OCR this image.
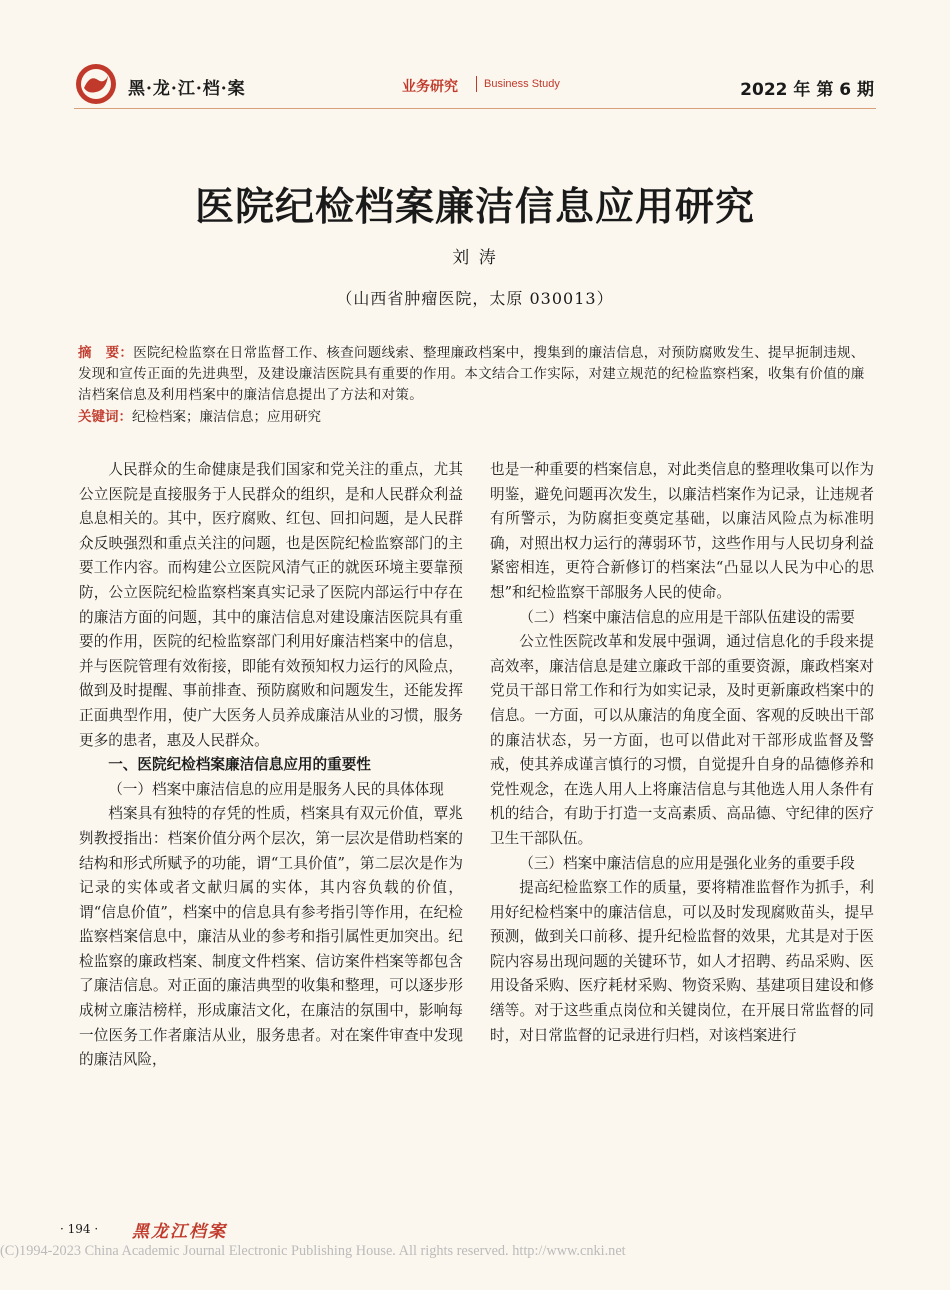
黑·龙·江·档·案	业务研究 Business Study	2022 年 第 6 期
医院纪检档案廉洁信息应用研究
刘 涛
（山西省肿瘤医院，太原 030013）
摘　要：医院纪检监察在日常监督工作、核查问题线索、整理廉政档案中，搜集到的廉洁信息，对预防腐败发生、提早扼制违规、发现和宣传正面的先进典型，及建设廉洁医院具有重要的作用。本文结合工作实际，对建立规范的纪检监察档案，收集有价值的廉洁档案信息及利用档案中的廉洁信息提出了方法和对策。
关键词：纪检档案；廉洁信息；应用研究

人民群众的生命健康是我们国家和党关注的重点，尤其公立医院是直接服务于人民群众的组织，是和人民群众利益息息相关的。其中，医疗腐败、红包、回扣问题，是人民群众反映强烈和重点关注的问题，也是医院纪检监察部门的主要工作内容。而构建公立医院风清气正的就医环境主要靠预防，公立医院纪检监察档案真实记录了医院内部运行中存在的廉洁方面的问题，其中的廉洁信息对建设廉洁医院具有重要的作用，医院的纪检监察部门利用好廉洁档案中的信息，并与医院管理有效衔接，即能有效预知权力运行的风险点，做到及时提醒、事前排查、预防腐败和问题发生，还能发挥正面典型作用，使广大医务人员养成廉洁从业的习惯，服务更多的患者，惠及人民群众。

一、医院纪检档案廉洁信息应用的重要性

（一）档案中廉洁信息的应用是服务人民的具体体现

档案具有独特的存凭的性质，档案具有双元价值，覃兆刿教授指出：档案价值分两个层次，第一层次是借助档案的结构和形式所赋予的功能，谓“工具价值”，第二层次是作为记录的实体或者文献归属的实体，其内容负载的价值，谓“信息价值”，档案中的信息具有参考指引等作用，在纪检监察档案信息中，廉洁从业的参考和指引属性更加突出。纪检监察的廉政档案、制度文件档案、信访案件档案等都包含了廉洁信息。对正面的廉洁典型的收集和整理，可以逐步形成树立廉洁榜样，形成廉洁文化，在廉洁的氛围中，影响每一位医务工作者廉洁从业，服务患者。对在案件审查中发现的廉洁风险，

也是一种重要的档案信息，对此类信息的整理收集可以作为明鉴，避免问题再次发生，以廉洁档案作为记录，让违规者有所警示，为防腐拒变奠定基础，以廉洁风险点为标准明确，对照出权力运行的薄弱环节，这些作用与人民切身利益紧密相连，更符合新修订的档案法“凸显以人民为中心的思想”和纪检监察干部服务人民的使命。

（二）档案中廉洁信息的应用是干部队伍建设的需要

公立性医院改革和发展中强调，通过信息化的手段来提高效率，廉洁信息是建立廉政干部的重要资源，廉政档案对党员干部日常工作和行为如实记录，及时更新廉政档案中的信息。一方面，可以从廉洁的角度全面、客观的反映出干部的廉洁状态，另一方面，也可以借此对干部形成监督及警戒，使其养成谨言慎行的习惯，自觉提升自身的品德修养和党性观念，在选人用人上将廉洁信息与其他选人用人条件有机的结合，有助于打造一支高素质、高品德、守纪律的医疗卫生干部队伍。

（三）档案中廉洁信息的应用是强化业务的重要手段

提高纪检监察工作的质量，要将精准监督作为抓手，利用好纪检档案中的廉洁信息，可以及时发现腐败苗头，提早预测，做到关口前移、提升纪检监督的效果，尤其是对于医院内容易出现问题的关键环节，如人才招聘、药品采购、医用设备采购、医疗耗材采购、物资采购、基建项目建设和修缮等。对于这些重点岗位和关键岗位，在开展日常监督的同时，对日常监督的记录进行归档，对该档案进行

· 194 · 黑龙江档案
(C)1994-2023 China Academic Journal Electronic Publishing House. All rights reserved. http://www.cnki.net
